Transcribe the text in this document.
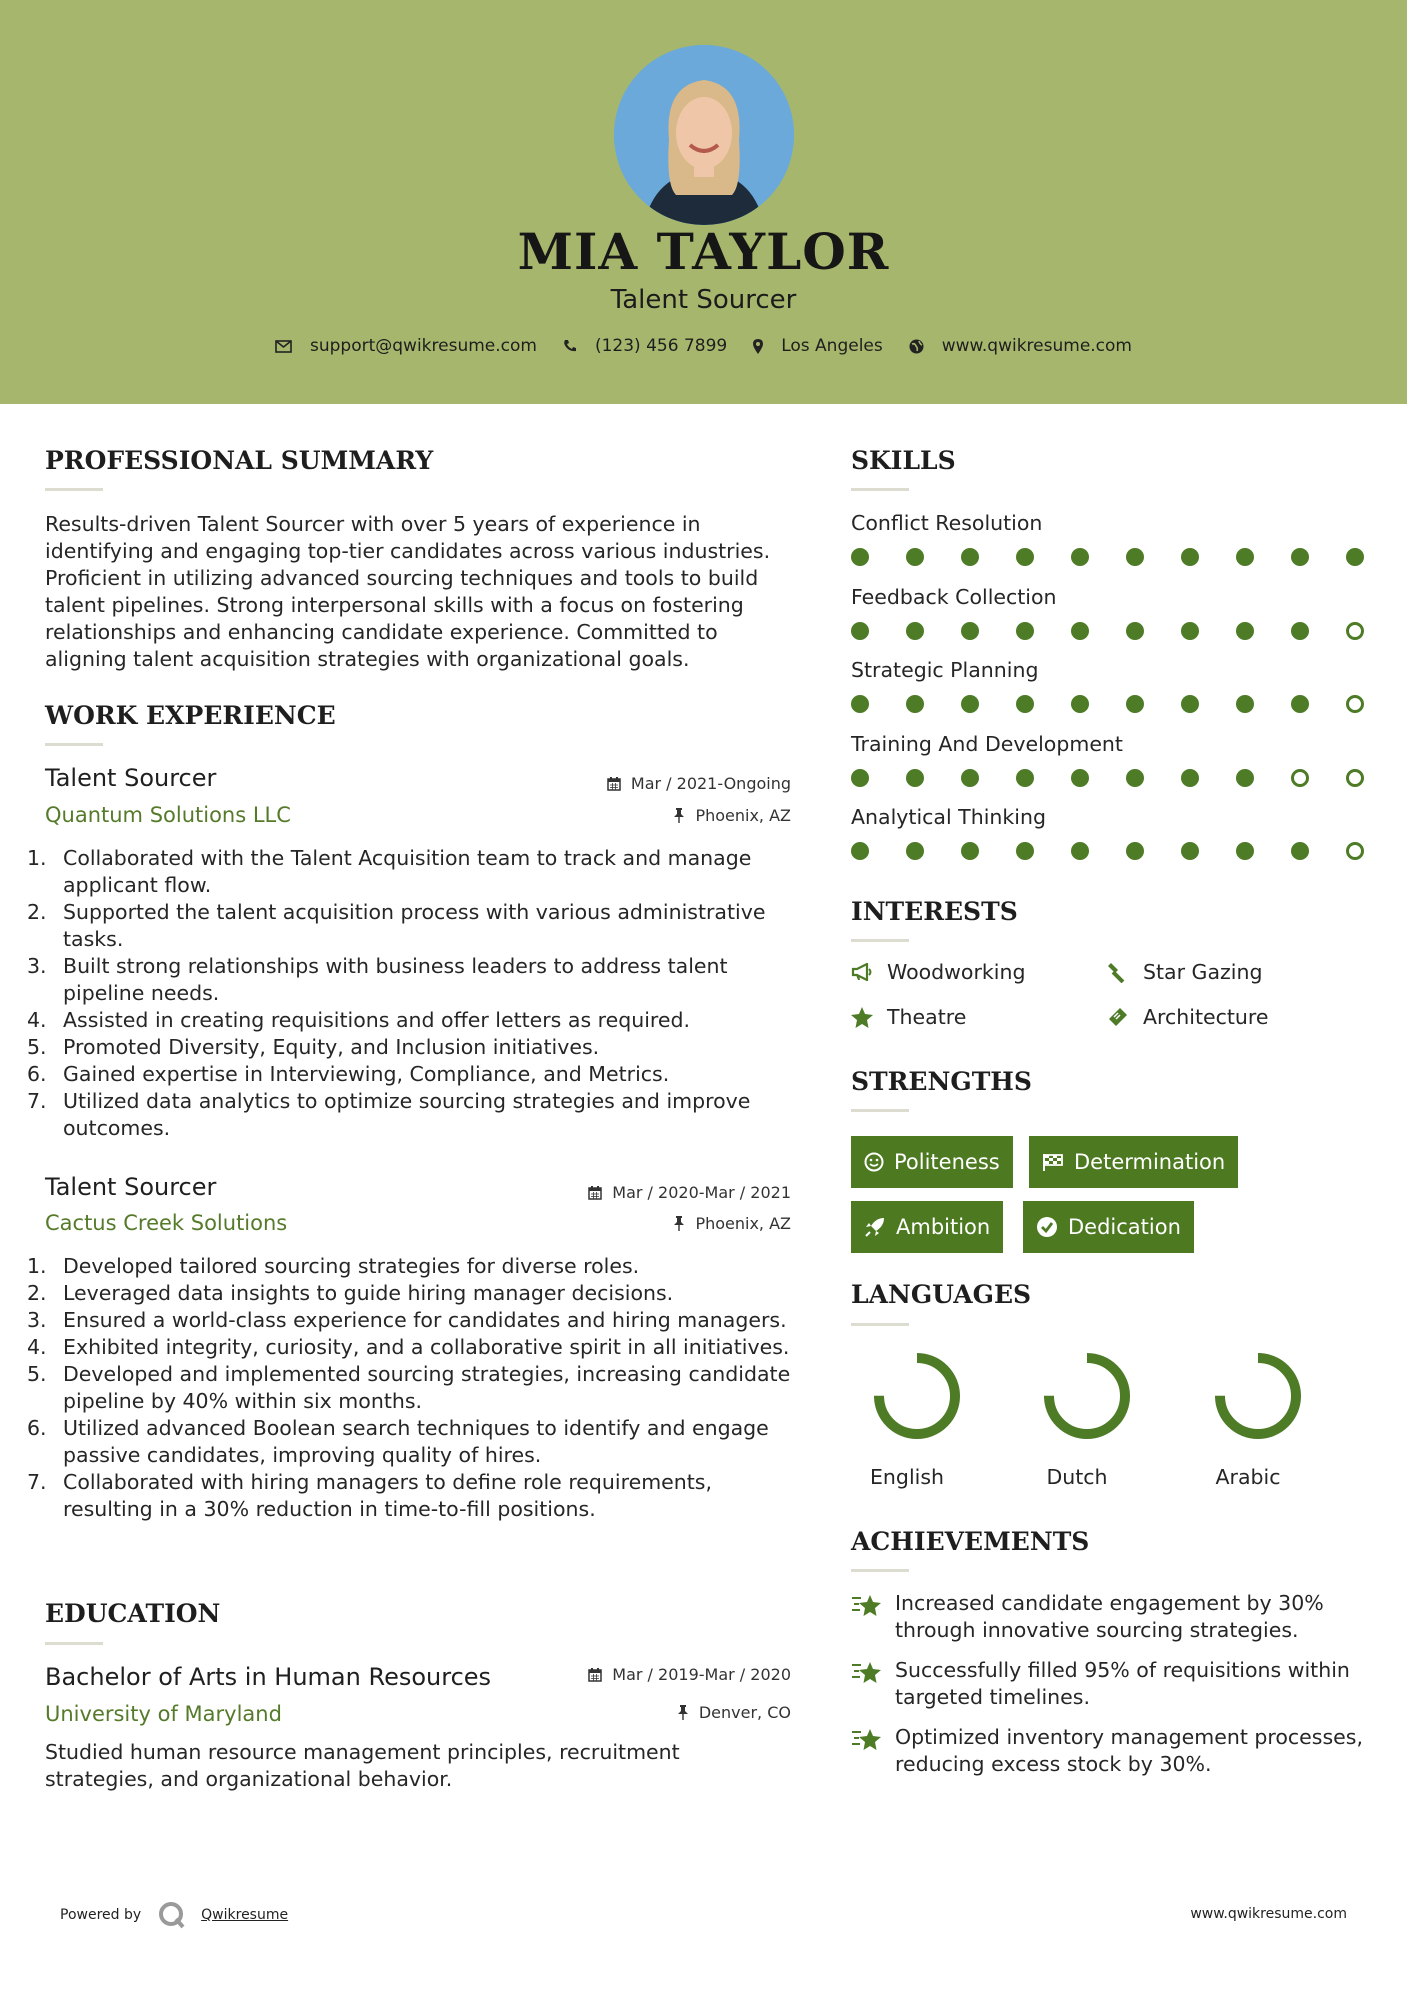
MIA TAYLOR
Talent Sourcer
support@qwikresume.com	(123) 456 7899	Los Angeles	www.qwikresume.com
PROFESSIONAL SUMMARY
Results-driven Talent Sourcer with over 5 years of experience in identifying and engaging top-tier candidates across various industries. Proficient in utilizing advanced sourcing techniques and tools to build talent pipelines. Strong interpersonal skills with a focus on fostering relationships and enhancing candidate experience. Committed to aligning talent acquisition strategies with organizational goals.
WORK EXPERIENCE
Talent Sourcer	Mar / 2021-Ongoing
Quantum Solutions LLC	Phoenix, AZ
1. Collaborated with the Talent Acquisition team to track and manage applicant flow.
2. Supported the talent acquisition process with various administrative tasks.
3. Built strong relationships with business leaders to address talent pipeline needs.
4. Assisted in creating requisitions and offer letters as required.
5. Promoted Diversity, Equity, and Inclusion initiatives.
6. Gained expertise in Interviewing, Compliance, and Metrics.
7. Utilized data analytics to optimize sourcing strategies and improve outcomes.
Talent Sourcer	Mar / 2020-Mar / 2021
Cactus Creek Solutions	Phoenix, AZ
1. Developed tailored sourcing strategies for diverse roles.
2. Leveraged data insights to guide hiring manager decisions.
3. Ensured a world-class experience for candidates and hiring managers.
4. Exhibited integrity, curiosity, and a collaborative spirit in all initiatives.
5. Developed and implemented sourcing strategies, increasing candidate pipeline by 40% within six months.
6. Utilized advanced Boolean search techniques to identify and engage passive candidates, improving quality of hires.
7. Collaborated with hiring managers to define role requirements, resulting in a 30% reduction in time-to-fill positions.
EDUCATION
Bachelor of Arts in Human Resources	Mar / 2019-Mar / 2020
University of Maryland	Denver, CO
Studied human resource management principles, recruitment strategies, and organizational behavior.
SKILLS
Conflict Resolution
Feedback Collection
Strategic Planning
Training And Development
Analytical Thinking
INTERESTS
Woodworking	Star Gazing
Theatre	Architecture
STRENGTHS
Politeness	Determination
Ambition	Dedication
LANGUAGES
English	Dutch	Arabic
ACHIEVEMENTS
Increased candidate engagement by 30% through innovative sourcing strategies.
Successfully filled 95% of requisitions within targeted timelines.
Optimized inventory management processes, reducing excess stock by 30%.
Powered by	Qwikresume	www.qwikresume.com
